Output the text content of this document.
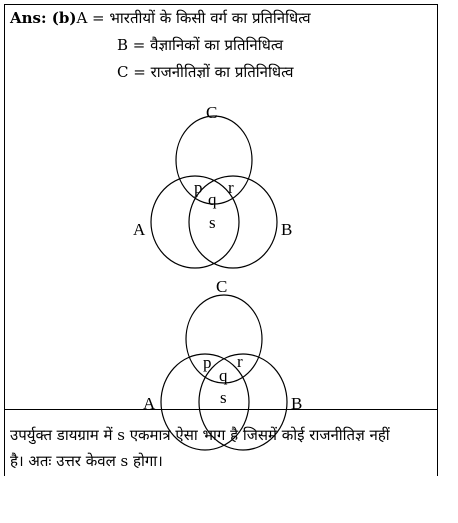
Ans: (b)A = भारतीयों के किसी वर्ग का प्रतिनिधित्व
B = वैज्ञानिकों का प्रतिनिधित्व
C = राजनीतिज्ञों का प्रतिनिधित्व
C
A	B
p
q
r
s
C
A	B
p
q
r
s
उपर्युक्त डायग्राम में s एकमात्र ऐसा भाग है जिसमें कोई राजनीतिज्ञ नहीं
है। अतः उत्तर केवल s होगा।
